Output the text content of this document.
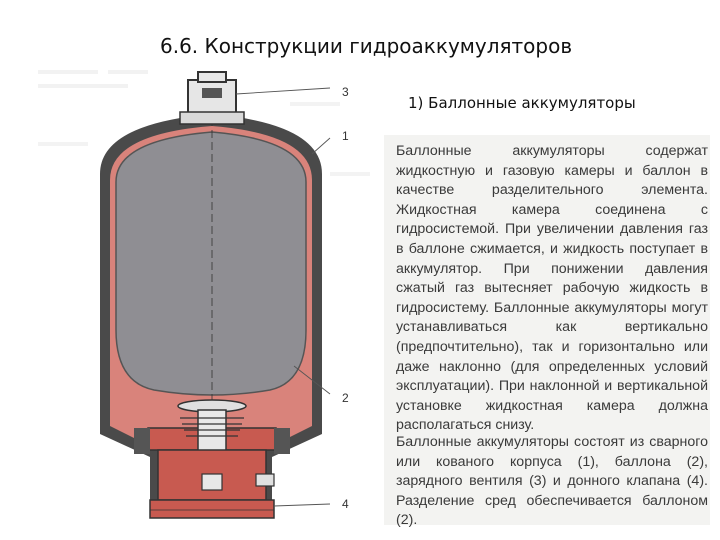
6.6. Конструкции гидроаккумуляторов
1) Баллонные аккумуляторы
3
1
2
4
Баллонные аккумуляторы содержат жидкостную и газовую камеры и баллон в качестве разделительного элемента. Жидкостная камера соединена с гидросистемой. При увеличении давления газ в баллоне сжимается, и жидкость поступает в аккумулятор. При понижении давления сжатый газ вытесняет рабочую жидкость в гидросистему. Баллонные аккумуляторы могут устанавливаться как вертикально (предпочтительно), так и горизонтально или даже наклонно (для определенных условий эксплуатации). При наклонной и вертикальной установке жидкостная камера должна располагаться снизу.
Баллонные аккумуляторы состоят из сварного или кованого корпуса (1), баллона (2), зарядного вентиля (3) и донного клапана (4). Разделение сред обеспечивается баллоном (2).
